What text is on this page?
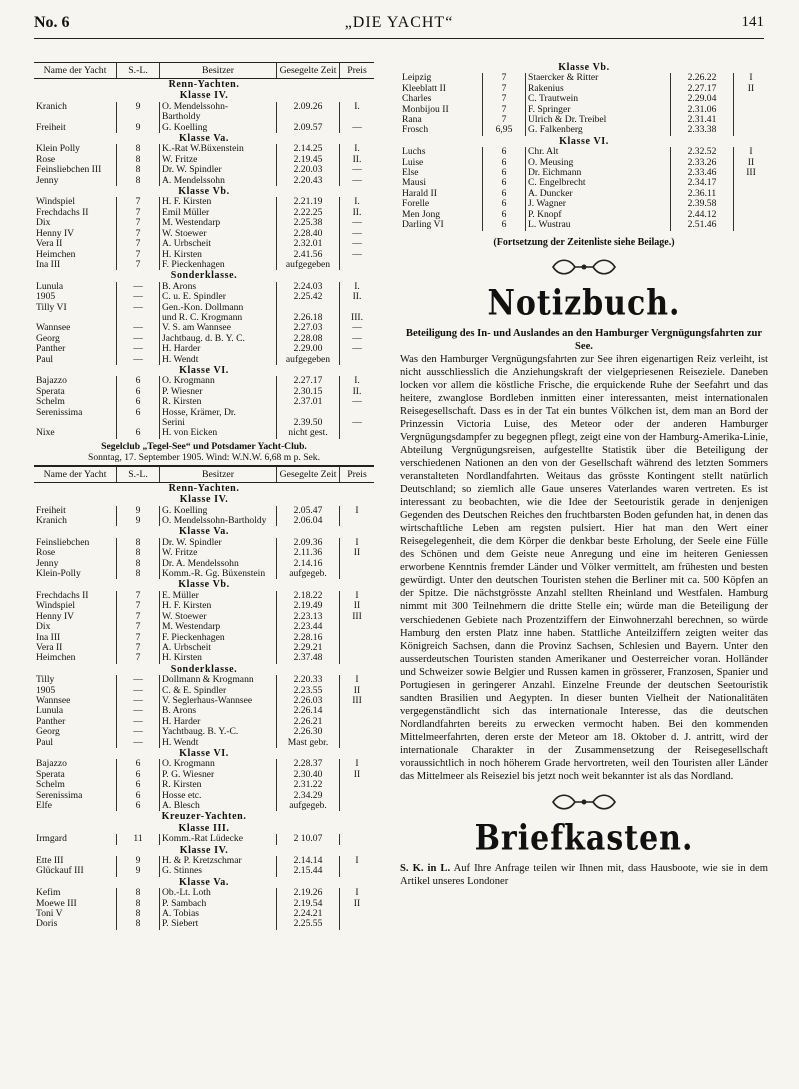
No. 6	„DIE YACHT“	141
Name der Yacht	S.-L.	Besitzer	Gesegelte Zeit	Preis
Renn-Yachten.				
Klasse IV.				
Kranich	9	O. Mendelssohn-	2.09.26	I.
		Bartholdy		
Freiheit	9	G. Koelling	2.09.57	—
Klasse Va.				
Klein Polly	8	K.-Rat W.Büxenstein	2.14.25	I.
Rose	8	W. Fritze	2.19.45	II.
Feinsliebchen III	8	Dr. W. Spindler	2.20.03	—
Jenny	8	A. Mendelssohn	2.20.43	—
Klasse Vb.				
Windspiel	7	H. F. Kirsten	2.21.19	I.
Frechdachs II	7	Emil Müller	2.22.25	II.
Dix	7	M. Westendarp	2.25.38	—
Henny IV	7	W. Stoewer	2.28.40	—
Vera II	7	A. Urbscheit	2.32.01	—
Heimchen	7	H. Kirsten	2.41.56	—
Ina III	7	F. Pieckenhagen	aufgegeben	
Sonderklasse.				
Lunula	—	B. Arons	2.24.03	I.
1905	—	C. u. E. Spindler	2.25.42	II.
Tilly VI	—	Gen.-Kon. Dollmann		
		und R. C. Krogmann	2.26.18	III.
Wannsee	—	V. S. am Wannsee	2.27.03	—
Georg	—	Jachtbaug. d. B. Y. C.	2.28.08	—
Panther	—	H. Harder	2.29.00	—
Paul	—	H. Wendt	aufgegeben	
Klasse VI.				
Bajazzo	6	O. Krogmann	2.27.17	I.
Sperata	6	P. Wiesner	2.30.15	II.
Schelm	6	R. Kirsten	2.37.01	—
Serenissima	6	Hosse, Krämer, Dr.		
		Serini	2.39.50	—
Nixe	6	H. von Eicken	nicht gest.	
Segelclub „Tegel-See“ und Potsdamer Yacht-Club.
Sonntag, 17. September 1905. Wind: W.N.W. 6,68 m p. Sek.
Name der Yacht	S.-L.	Besitzer	Gesegelte Zeit	Preis
Renn-Yachten.				
Klasse IV.				
Freiheit	9	G. Koelling	2.05.47	I
Kranich	9	O. Mendelssohn-Bartholdy	2.06.04	
Klasse Va.				
Feinsliebchen	8	Dr. W. Spindler	2.09.36	I
Rose	8	W. Fritze	2.11.36	II
Jenny	8	Dr. A. Mendelssohn	2.14.16	
Klein-Polly	8	Komm.-R. Gg. Büxenstein	aufgegeb.	
Klasse Vb.				
Frechdachs II	7	E. Müller	2.18.22	I
Windspiel	7	H. F. Kirsten	2.19.49	II
Henny IV	7	W. Stoewer	2.23.13	III
Dix	7	M. Westendarp	2.23.44	
Ina III	7	F. Pieckenhagen	2.28.16	
Vera II	7	A. Urbscheit	2.29.21	
Heimchen	7	H. Kirsten	2.37.48	
Sonderklasse.				
Tilly	—	Dollmann & Krogmann	2.20.33	I
1905	—	C. & E. Spindler	2.23.55	II
Wannsee	—	V. Seglerhaus-Wannsee	2.26.03	III
Lunula	—	B. Arons	2.26.14	
Panther	—	H. Harder	2.26.21	
Georg	—	Yachtbaug. B. Y.-C.	2.26.30	
Paul	—	H. Wendt	Mast gebr.	
Klasse VI.				
Bajazzo	6	O. Krogmann	2.28.37	I
Sperata	6	P. G. Wiesner	2.30.40	II
Schelm	6	R. Kirsten	2.31.22	
Serenissima	6	Hosse etc.	2.34.29	
Elfe	6	A. Blesch	aufgegeb.	
Kreuzer-Yachten.				
Klasse III.				
Irmgard	11	Komm.-Rat Lüdecke	2 10.07	
Klasse IV.				
Ette III	9	H. & P. Kretzschmar	2.14.14	I
Glückauf III	9	G. Stinnes	2.15.44	
Klasse Va.				
Kefim	8	Ob.-Lt. Loth	2.19.26	I
Moewe III	8	P. Sambach	2.19.54	II
Toni V	8	A. Tobias	2.24.21	
Doris	8	P. Siebert	2.25.55	
Klasse Vb.				
Leipzig	7	Staercker & Ritter	2.26.22	I
Kleeblatt II	7	Rakenius	2.27.17	II
Charles	7	C. Trautwein	2.29.04	
Monbijou II	7	F. Springer	2.31.06	
Rana	7	Ulrich & Dr. Treibel	2.31.41	
Frosch	6,95	G. Falkenberg	2.33.38	
Klasse VI.				
Luchs	6	Chr. Alt	2.32.52	I
Luise	6	O. Meusing	2.33.26	II
Else	6	Dr. Eichmann	2.33.46	III
Mausi	6	C. Engelbrecht	2.34.17	
Harald II	6	A. Duncker	2.36.11	
Forelle	6	J. Wagner	2.39.58	
Men Jong	6	P. Knopf	2.44.12	
Darling VI	6	L. Wustrau	2.51.46	
(Fortsetzung der Zeitenliste siehe Beilage.)
Notizbuch.
Beteiligung des In- und Auslandes an den Hamburger Vergnügungsfahrten zur See.
Was den Hamburger Vergnügungsfahrten zur See ihren eigenartigen Reiz verleiht, ist nicht ausschliesslich die Anziehungskraft der vielgepriesenen Reiseziele. Daneben locken vor allem die köstliche Frische, die erquickende Ruhe der Seefahrt und das heitere, zwanglose Bordleben inmitten einer interessanten, meist internationalen Reisegesellschaft. Dass es in der Tat ein buntes Völkchen ist, dem man an Bord der Prinzessin Victoria Luise, des Meteor oder der anderen Hamburger Vergnügungsdampfer zu begegnen pflegt, zeigt eine von der Hamburg-Amerika-Linie, Abteilung Vergnügungsreisen, aufgestellte Statistik über die Beteiligung der verschiedenen Nationen an den von der Gesellschaft während des letzten Sommers veranstalteten Nordlandfahrten. Weitaus das grösste Kontingent stellt natürlich Deutschland; so ziemlich alle Gaue unseres Vaterlandes waren vertreten. Es ist interessant zu beobachten, wie die Idee der Seetouristik gerade in denjenigen Gegenden des Deutschen Reiches den fruchtbarsten Boden gefunden hat, in denen das wirtschaftliche Leben am regsten pulsiert. Hier hat man den Wert einer Reisegelegenheit, die dem Körper die denkbar beste Erholung, der Seele eine Fülle des Schönen und dem Geiste neue Anregung und eine im heiteren Geniessen erworbene Kenntnis fremder Länder und Völker vermittelt, am frühesten und besten gewürdigt. Unter den deutschen Touristen stehen die Berliner mit ca. 500 Köpfen an der Spitze. Die nächstgrösste Anzahl stellten Rheinland und Westfalen. Hamburg nimmt mit 300 Teilnehmern die dritte Stelle ein; würde man die Beteiligung der verschiedenen Gebiete nach Prozentziffern der Einwohnerzahl berechnen, so würde Hamburg den ersten Platz inne haben. Stattliche Anteilziffern zeigten weiter das Königreich Sachsen, dann die Provinz Sachsen, Schlesien und Bayern. Unter den ausserdeutschen Touristen standen Amerikaner und Oesterreicher voran. Holländer und Schweizer sowie Belgier und Russen kamen in grösserer, Franzosen, Spanier und Portugiesen in geringerer Anzahl. Einzelne Freunde der deutschen Seetouristik sandten Brasilien und Aegypten. In dieser bunten Vielheit der Nationalitäten vergegenständlicht sich das internationale Interesse, das die deutschen Nordlandfahrten bereits zu erwecken vermocht haben. Bei den kommenden Mittelmeerfahrten, deren erste der Meteor am 18. Oktober d. J. antritt, wird der internationale Charakter in der Zusammensetzung der Reisegesellschaft voraussichtlich in noch höherem Grade hervortreten, weil den Touristen aller Länder das Mittelmeer als Reiseziel bis jetzt noch weit bekannter ist als das Nordland.
Briefkasten.
S. K. in L. Auf Ihre Anfrage teilen wir Ihnen mit, dass Hausboote, wie sie in dem Artikel unseres Londoner
